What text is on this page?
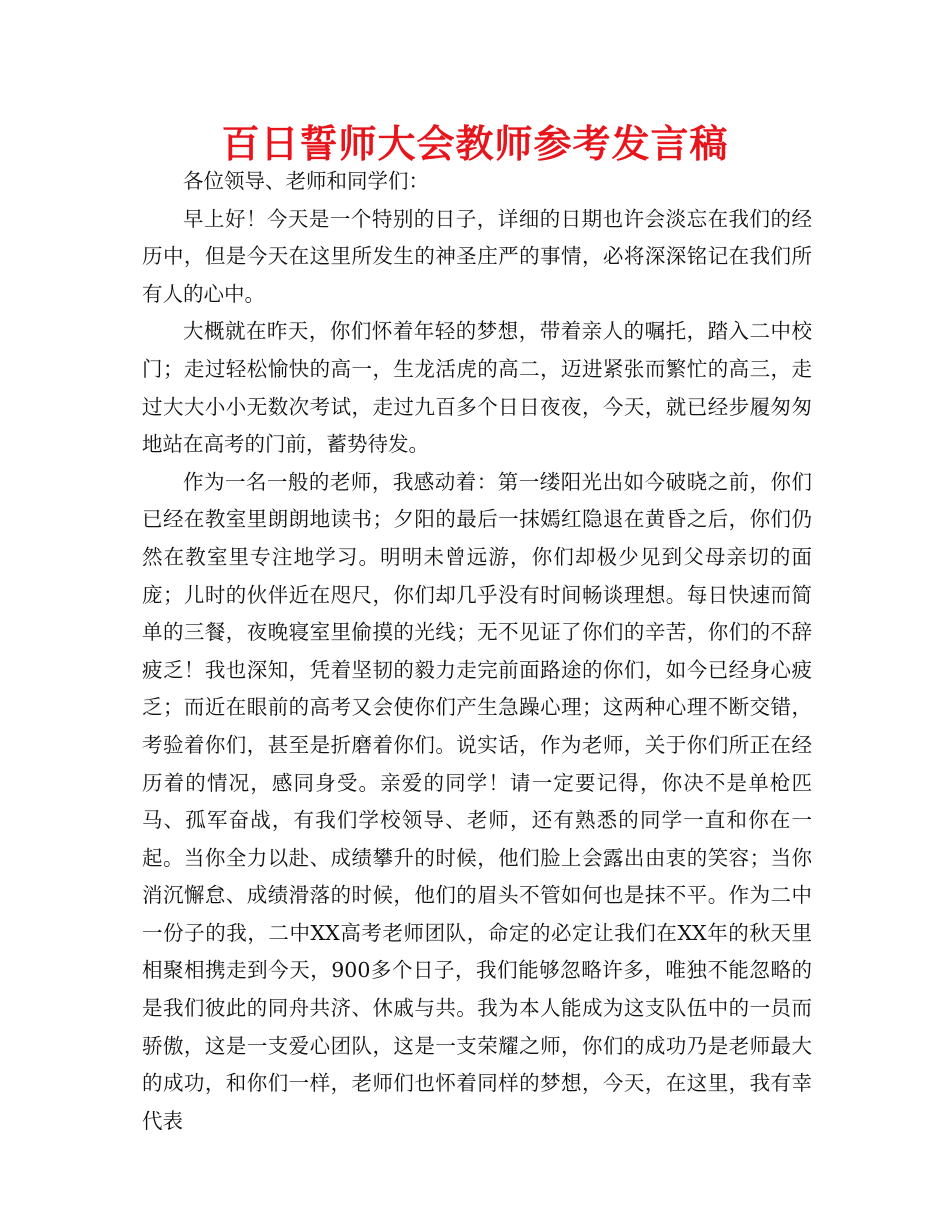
百日誓师大会教师参考发言稿

各位领导、老师和同学们：

早上好！今天是一个特别的日子，详细的日期也许会淡忘在我们的经历中，但是今天在这里所发生的神圣庄严的事情，必将深深铭记在我们所有人的心中。

大概就在昨天，你们怀着年轻的梦想，带着亲人的嘱托，踏入二中校门；走过轻松愉快的高一，生龙活虎的高二，迈进紧张而繁忙的高三，走过大大小小无数次考试，走过九百多个日日夜夜，今天，就已经步履匆匆地站在高考的门前，蓄势待发。

作为一名一般的老师，我感动着：第一缕阳光出如今破晓之前，你们已经在教室里朗朗地读书；夕阳的最后一抹嫣红隐退在黄昏之后，你们仍然在教室里专注地学习。明明未曾远游，你们却极少见到父母亲切的面庞；儿时的伙伴近在咫尺，你们却几乎没有时间畅谈理想。每日快速而简单的三餐，夜晚寝室里偷摸的光线；无不见证了你们的辛苦，你们的不辞疲乏！我也深知，凭着坚韧的毅力走完前面路途的你们，如今已经身心疲乏；而近在眼前的高考又会使你们产生急躁心理；这两种心理不断交错，考验着你们，甚至是折磨着你们。说实话，作为老师，关于你们所正在经历着的情况，感同身受。亲爱的同学！请一定要记得，你决不是单枪匹马、孤军奋战，有我们学校领导、老师，还有熟悉的同学一直和你在一起。当你全力以赴、成绩攀升的时候，他们脸上会露出由衷的笑容；当你消沉懈怠、成绩滑落的时候，他们的眉头不管如何也是抹不平。作为二中一份子的我，二中XX高考老师团队，命定的必定让我们在XX年的秋天里相聚相携走到今天，900多个日子，我们能够忽略许多，唯独不能忽略的是我们彼此的同舟共济、休戚与共。我为本人能成为这支队伍中的一员而骄傲，这是一支爱心团队，这是一支荣耀之师，你们的成功乃是老师最大的成功，和你们一样，老师们也怀着同样的梦想，今天，在这里，我有幸代表
